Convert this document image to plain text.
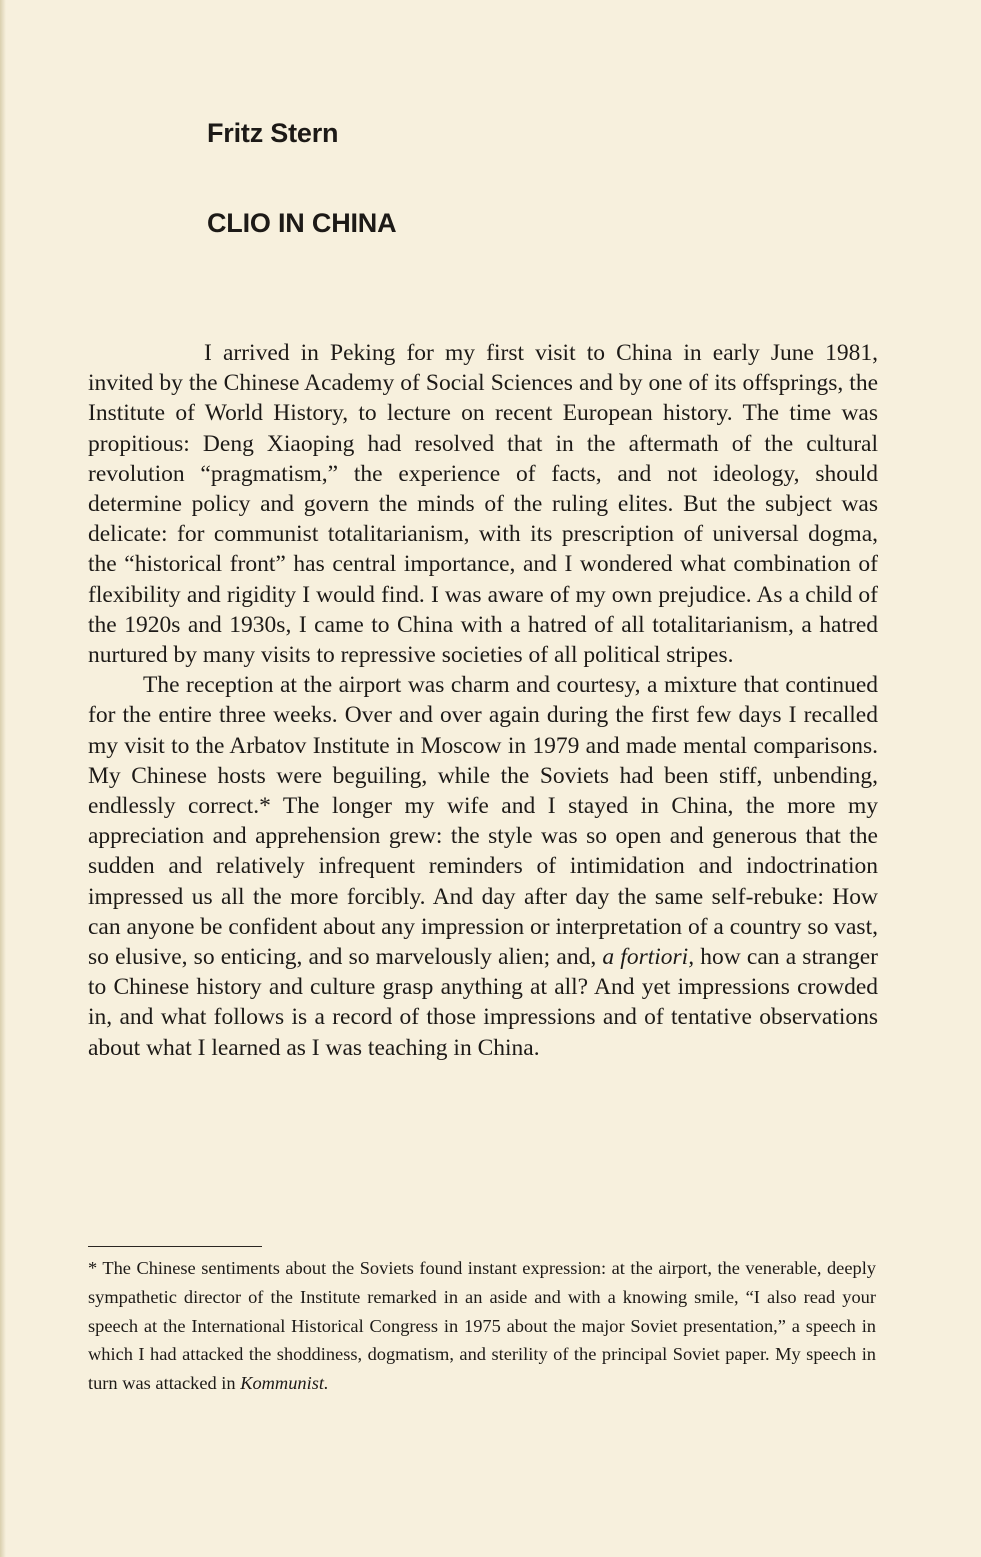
Fritz Stern
CLIO IN CHINA

I arrived in Peking for my first visit to China in early June 1981, invited by the Chinese Academy of Social Sciences and by one of its offsprings, the Institute of World History, to lecture on recent European history. The time was propitious: Deng Xiaoping had resolved that in the aftermath of the cultural revolution “pragmatism,” the experience of facts, and not ideology, should determine policy and govern the minds of the ruling elites. But the subject was delicate: for communist totalitarianism, with its prescription of universal dogma, the “historical front” has central importance, and I wondered what combination of flexibility and rigidity I would find. I was aware of my own prejudice. As a child of the 1920s and 1930s, I came to China with a hatred of all totalitarianism, a hatred nurtured by many visits to repressive societies of all political stripes.

The reception at the airport was charm and courtesy, a mixture that continued for the entire three weeks. Over and over again during the first few days I recalled my visit to the Arbatov Institute in Moscow in 1979 and made mental comparisons. My Chinese hosts were beguiling, while the Soviets had been stiff, unbending, endlessly correct.* The longer my wife and I stayed in China, the more my appreciation and apprehension grew: the style was so open and generous that the sudden and relatively infrequent reminders of intimidation and indoctrination impressed us all the more forcibly. And day after day the same self-rebuke: How can anyone be confident about any impression or interpretation of a country so vast, so elusive, so enticing, and so marvelously alien; and, a fortiori, how can a stranger to Chinese history and culture grasp anything at all? And yet impressions crowded in, and what follows is a record of those impressions and of tentative observations about what I learned as I was teaching in China.

* The Chinese sentiments about the Soviets found instant expression: at the airport, the venerable, deeply sympathetic director of the Institute remarked in an aside and with a knowing smile, “I also read your speech at the International Historical Congress in 1975 about the major Soviet presentation,” a speech in which I had attacked the shoddiness, dogmatism, and sterility of the principal Soviet paper. My speech in turn was attacked in Kommunist.
